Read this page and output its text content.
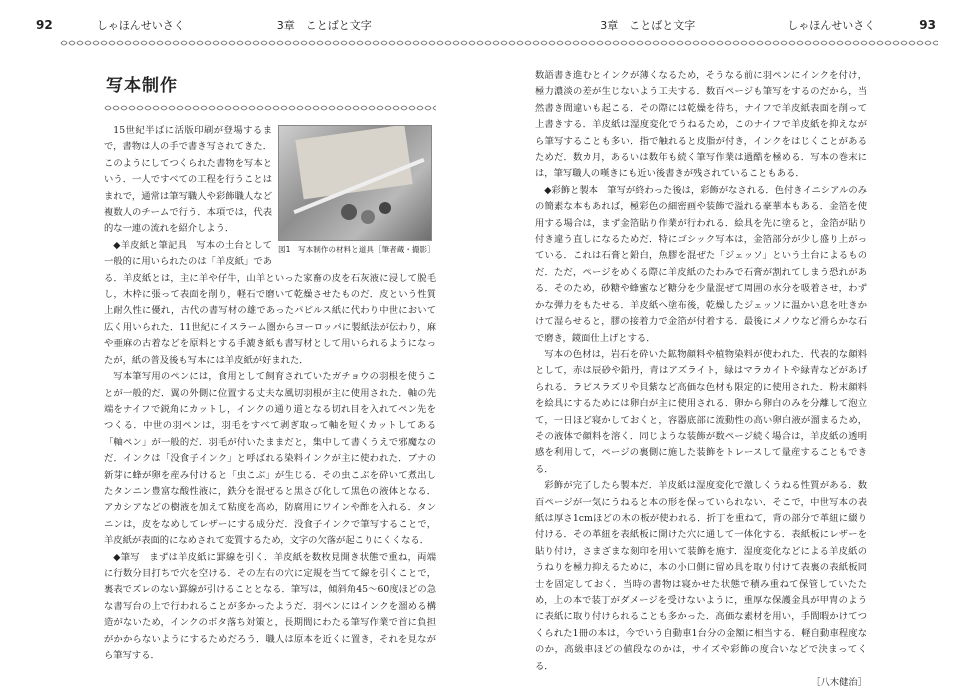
92	しゃほんせいさく	3章　ことばと文字	3章　ことばと文字	しゃほんせいさく	93
写本制作
図1　写本制作の材料と道具［筆者蔵・撮影］

15世紀半ばに活版印刷が登場するまで，書物は人の手で書き写されてきた．このようにしてつくられた書物を写本という．一人ですべての工程を行うことはまれで，通常は筆写職人や彩飾職人など複数人のチームで行う．本項では，代表的な一連の流れを紹介しよう．

◆羊皮紙と筆記具　写本の土台として一般的に用いられたのは「羊皮紙」である．羊皮紙とは，主に羊や仔牛，山羊といった家畜の皮を石灰液に浸して脱毛し，木枠に張って表面を削り，軽石で磨いて乾燥させたものだ．皮という性質上耐久性に優れ，古代の書写材の雄であったパピルス紙に代わり中世において広く用いられた．11世紀にイスラーム圏からヨーロッパに製紙法が伝わり，麻や亜麻の古着などを原料とする手漉き紙も書写材として用いられるようになったが，紙の普及後も写本には羊皮紙が好まれた．

写本筆写用のペンには，食用として飼育されていたガチョウの羽根を使うことが一般的だ．翼の外側に位置する丈夫な風切羽根が主に使用された．軸の先端をナイフで鋭角にカットし，インクの通り道となる切れ目を入れてペン先をつくる．中世の羽ペンは，羽毛をすべて剥ぎ取って軸を短くカットしてある「軸ペン」が一般的だ．羽毛が付いたままだと，集中して書くうえで邪魔なのだ．インクは「没食子インク」と呼ばれる染料インクが主に使われた．ブナの新芽に蜂が卵を産み付けると「虫こぶ」が生じる．その虫こぶを砕いて煮出したタンニン豊富な酸性液に，鉄分を混ぜると黒さび化して黒色の液体となる．アカシアなどの樹液を加えて粘度を高め，防腐用にワインや酢を入れる．タンニンは，皮をなめしてレザーにする成分だ．没食子インクで筆写することで，羊皮紙が表面的になめされて変質するため，文字の欠落が起こりにくくなる．

◆筆写　まずは羊皮紙に罫線を引く．羊皮紙を数枚見開き状態で重ね，両端に行数分目打ちで穴を空ける．その左右の穴に定規を当てて線を引くことで，裏表でズレのない罫線が引けることとなる．筆写は，傾斜角45～60度ほどの急な書写台の上で行われることが多かったようだ．羽ペンにはインクを溜める構造がないため，インクのボタ落ち対策と，長期間にわたる筆写作業で首に負担がかからないようにするためだろう．職人は原本を近くに置き，それを見ながら筆写する．

数語書き進むとインクが薄くなるため，そうなる前に羽ペンにインクを付け，極力濃淡の差が生じないよう工夫する．数百ページも筆写をするのだから，当然書き間違いも起こる．その際には乾燥を待ち，ナイフで羊皮紙表面を削って上書きする．羊皮紙は湿度変化でうねるため，このナイフで羊皮紙を抑えながら筆写することも多い．指で触れると皮脂が付き，インクをはじくことがあるためだ．数カ月，あるいは数年も続く筆写作業は過酷を極める．写本の巻末には，筆写職人の嘆きにも近い後書きが残されていることもある．

◆彩飾と製本　筆写が終わった後は，彩飾がなされる．色付きイニシアルのみの簡素な本もあれば，極彩色の細密画や装飾で溢れる豪華本もある．金箔を使用する場合は，まず金箔貼り作業が行われる．絵具を先に塗ると，金箔が貼り付き違う直しになるためだ．特にゴシック写本は，金箔部分が少し盛り上がっている．これは石膏と鉛白，魚膠を混ぜた「ジェッソ」という土台によるものだ．ただ，ページをめくる際に羊皮紙のたわみで石膏が割れてしまう恐れがある．そのため，砂糖や蜂蜜など糖分を少量混ぜて周囲の水分を吸着させ，わずかな弾力をもたせる．羊皮紙へ塗布後，乾燥したジェッソに温かい息を吐きかけて湿らせると，膠の接着力で金箔が付着する．最後にメノウなど滑らかな石で磨き，鏡面仕上げとする．

写本の色材は，岩石を砕いた鉱物顔料や植物染料が使われた．代表的な顔料として，赤は辰砂や鉛丹，青はアズライト，緑はマラカイトや緑青などがあげられる．ラピスラズリや貝紫など高価な色材も限定的に使用された．粉末顔料を絵具にするためには卵白が主に使用される．卵から卵白のみを分離して泡立て，一日ほど寝かしておくと，容器底部に流動性の高い卵白液が溜まるため，その液体で顔料を溶く．同じような装飾が数ページ続く場合は，羊皮紙の透明感を利用して，ページの裏側に施した装飾をトレースして量産することもできる．

彩飾が完了したら製本だ．羊皮紙は湿度変化で激しくうねる性質がある．数百ページが一気にうねると本の形を保っていられない．そこで，中世写本の表紙は厚さ1cmほどの木の板が使われる．折丁を重ねて，背の部分で革紐に綴り付ける．その革紐を表紙板に開けた穴に通して一体化する．表紙板にレザーを貼り付け，さまざまな刻印を用いて装飾を施す．湿度変化などによる羊皮紙のうねりを極力抑えるために，本の小口側に留め具を取り付けて表裏の表紙板同士を固定しておく．当時の書物は寝かせた状態で積み重ねて保管していたため，上の本で装丁がダメージを受けないように，重厚な保護金具が甲冑のように表紙に取り付けられることも多かった．高価な素材を用い，手間暇かけてつくられた1冊の本は，今でいう自動車1台分の金額に相当する．軽自動車程度なのか，高級車ほどの値段なのかは，サイズや彩飾の度合いなどで決まってくる．

［八木健治］
